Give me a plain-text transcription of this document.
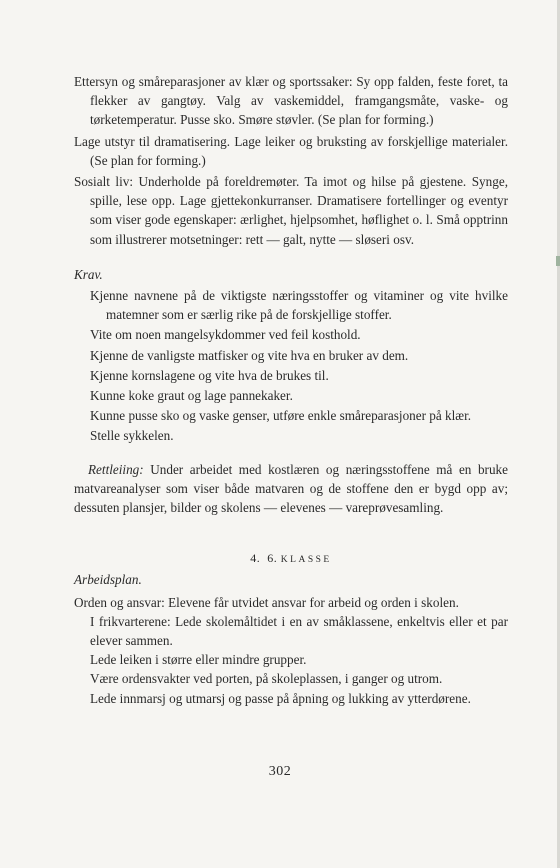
Ettersyn og småreparasjoner av klær og sportssaker: Sy opp falden, feste foret, ta flekker av gangtøy. Valg av vaskemiddel, framgangsmåte, vaske- og tørketemperatur. Pusse sko. Smøre støvler. (Se plan for forming.)

Lage utstyr til dramatisering. Lage leiker og bruksting av forskjellige materialer. (Se plan for forming.)

Sosialt liv: Underholde på foreldremøter. Ta imot og hilse på gjestene. Synge, spille, lese opp. Lage gjettekonkurranser. Dramatisere fortellinger og eventyr som viser gode egenskaper: ærlighet, hjelpsomhet, høflighet o. l. Små opptrinn som illustrerer motsetninger: rett — galt, nytte — sløseri osv.

Krav.

Kjenne navnene på de viktigste næringsstoffer og vitaminer og vite hvilke matemner som er særlig rike på de forskjellige stoffer.

Vite om noen mangelsykdommer ved feil kosthold.

Kjenne de vanligste matfisker og vite hva en bruker av dem.

Kjenne kornslagene og vite hva de brukes til.

Kunne koke graut og lage pannekaker.

Kunne pusse sko og vaske genser, utføre enkle småreparasjoner på klær.

Stelle sykkelen.

Rettleiing: Under arbeidet med kostlæren og næringsstoffene må en bruke matvareanalyser som viser både matvaren og de stoffene den er bygd opp av; dessuten plansjer, bilder og skolens — elevenes — vareprøvesamling.

4. 6. KLASSE

Arbeidsplan.

Orden og ansvar: Elevene får utvidet ansvar for arbeid og orden i skolen.

I frikvarterene: Lede skolemåltidet i en av småklassene, enkeltvis eller et par elever sammen.

Lede leiken i større eller mindre grupper.

Være ordensvakter ved porten, på skoleplassen, i ganger og utrom.

Lede innmarsj og utmarsj og passe på åpning og lukking av ytterdørene.

302
